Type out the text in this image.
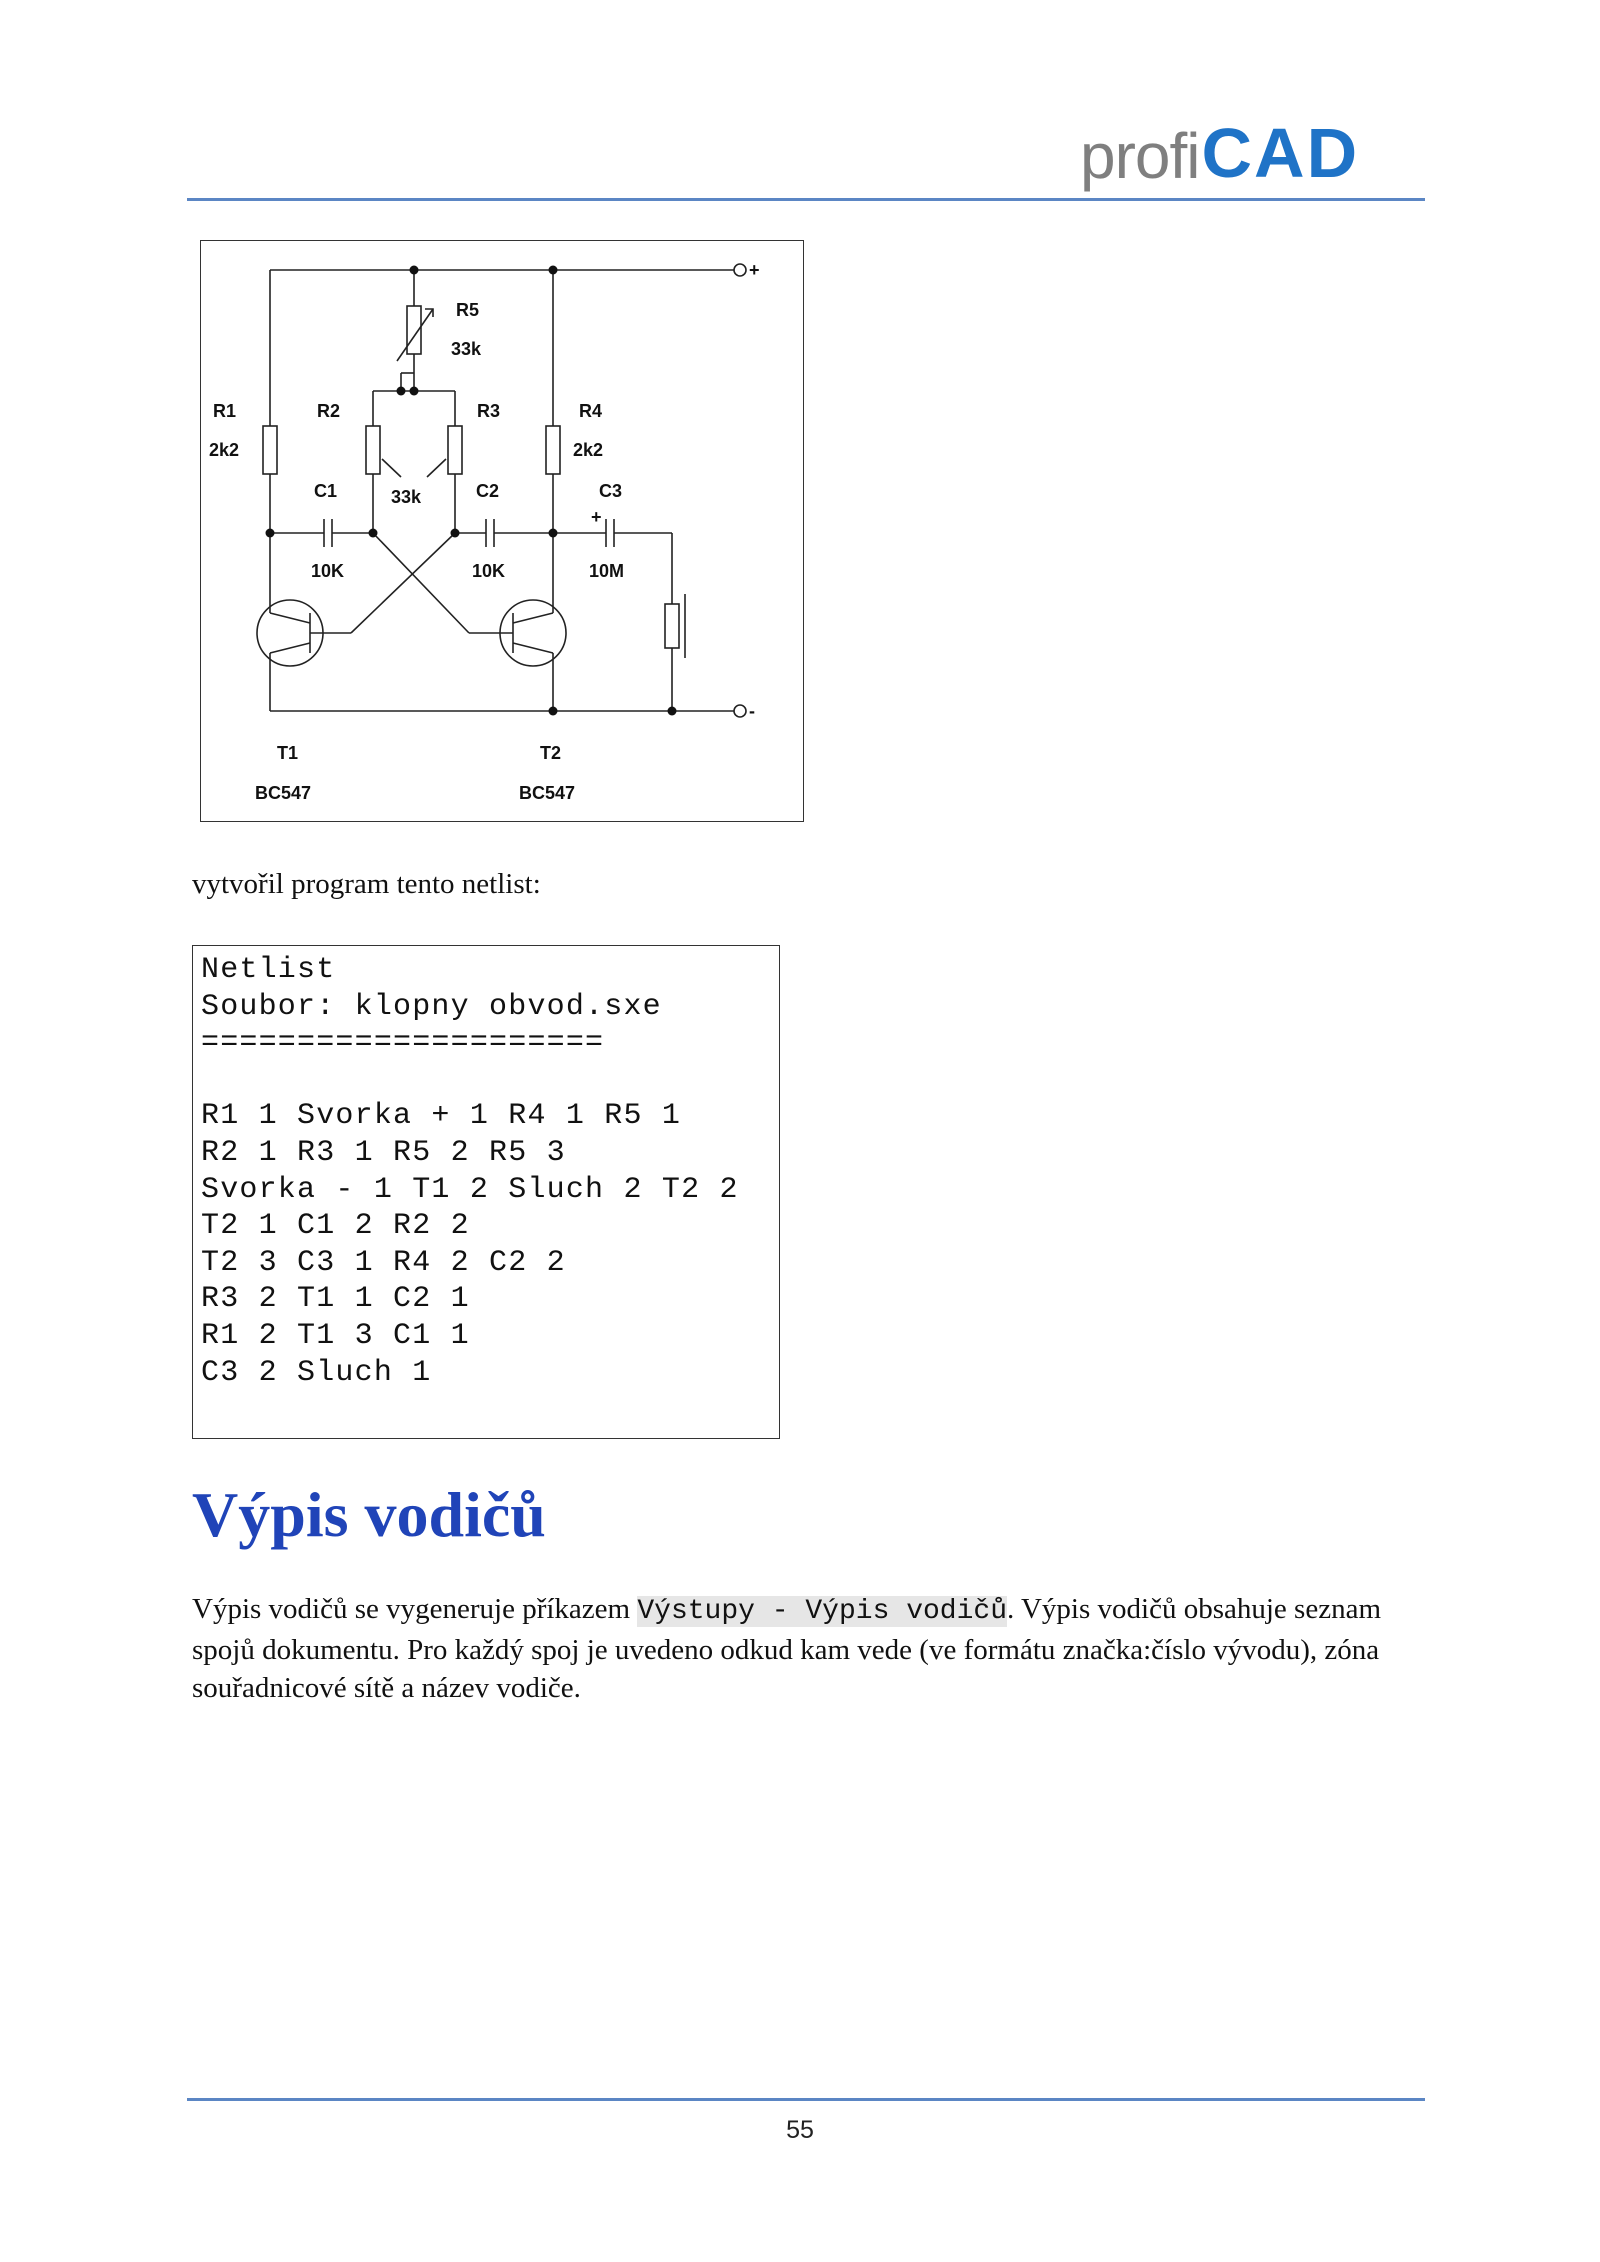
profi CAD
+
-
R5
33k
R1
2k2
R2	R3	R4
2k2
33k
C1
10K
C2
10K
C3
+
10M
T1
BC547
T2
BC547
vytvořil program tento netlist:
Netlist
Soubor: klopny obvod.sxe
=====================
R1 1 Svorka + 1 R4 1 R5 1
R2 1 R3 1 R5 2 R5 3
Svorka - 1 T1 2 Sluch 2 T2 2
T2 1 C1 2 R2 2
T2 3 C3 1 R4 2 C2 2
R3 2 T1 1 C2 1
R1 2 T1 3 C1 1
C3 2 Sluch 1
Výpis vodičů

Výpis vodičů se vygeneruje příkazem Výstupy - Výpis vodičů. Výpis vodičů obsahuje seznam spojů dokumentu. Pro každý spoj je uvedeno odkud kam vede (ve formátu značka:číslo vývodu), zóna souřadnicové sítě a název vodiče.

55
